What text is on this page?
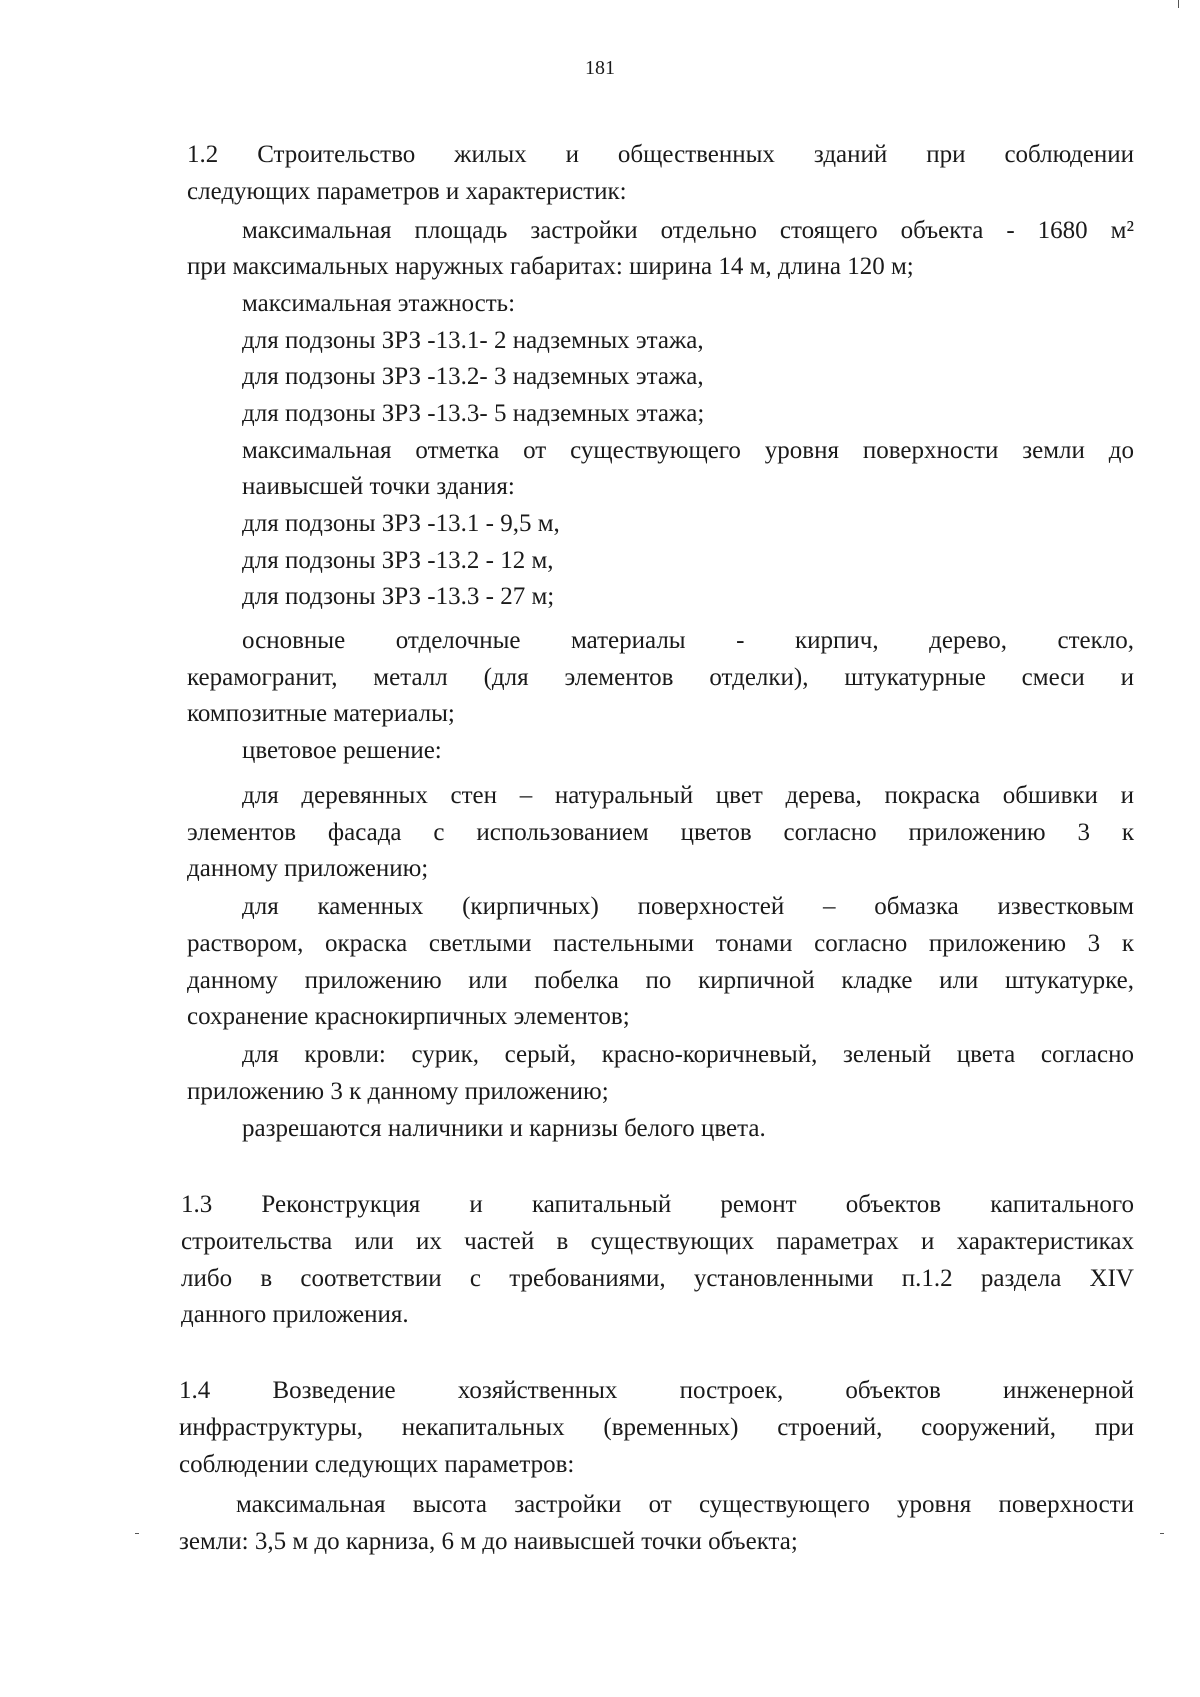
181
1.2 Строительство жилых и общественных зданий при соблюдении
следующих параметров и характеристик:
максимальная площадь застройки отдельно стоящего объекта - 1680 м²
при максимальных наружных габаритах: ширина 14 м, длина 120 м;
максимальная этажность:
для подзоны ЗРЗ -13.1- 2 надземных этажа,
для подзоны ЗРЗ -13.2- 3 надземных этажа,
для подзоны ЗРЗ -13.3- 5 надземных этажа;
максимальная отметка от существующего уровня поверхности земли до
наивысшей точки здания:
для подзоны ЗРЗ -13.1 - 9,5 м,
для подзоны ЗРЗ -13.2 - 12 м,
для подзоны ЗРЗ -13.3 - 27 м;
основные отделочные материалы - кирпич, дерево, стекло,
керамогранит, металл (для элементов отделки), штукатурные смеси и
композитные материалы;
цветовое решение:
для деревянных стен – натуральный цвет дерева, покраска обшивки и
элементов фасада с использованием цветов согласно приложению 3 к
данному приложению;
для каменных (кирпичных) поверхностей – обмазка известковым
раствором, окраска светлыми пастельными тонами согласно приложению 3 к
данному приложению или побелка по кирпичной кладке или штукатурке,
сохранение краснокирпичных элементов;
для кровли: сурик, серый, красно-коричневый, зеленый цвета согласно
приложению 3 к данному приложению;
разрешаются наличники и карнизы белого цвета.
1.3 Реконструкция и капитальный ремонт объектов капитального
строительства или их частей в существующих параметрах и характеристиках
либо в соответствии с требованиями, установленными п.1.2 раздела XIV
данного приложения.
1.4 Возведение хозяйственных построек, объектов инженерной
инфраструктуры, некапитальных (временных) строений, сооружений, при
соблюдении следующих параметров:
максимальная высота застройки от существующего уровня поверхности
земли: 3,5 м до карниза, 6 м до наивысшей точки объекта;
